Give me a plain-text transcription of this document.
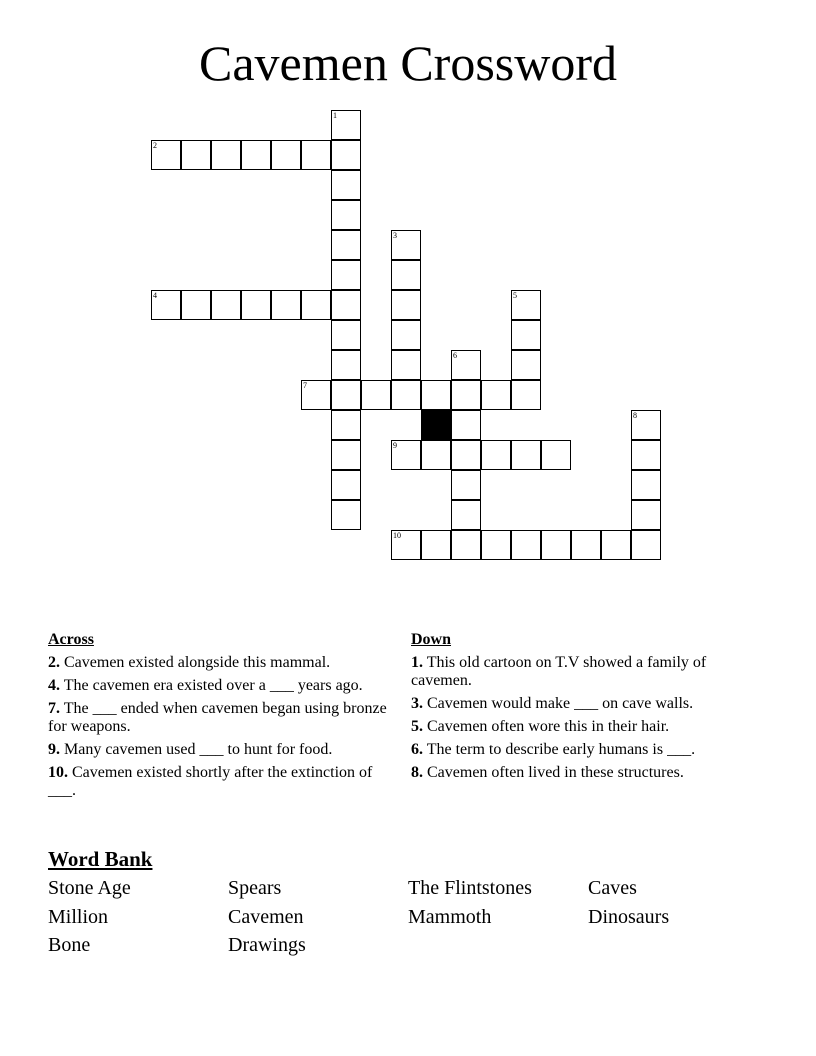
Cavemen Crossword
1
2
3
4	5
6
7
8
9
10
Across
2. Cavemen existed alongside this mammal.
4. The cavemen era existed over a ___ years ago.
7. The ___ ended when cavemen began using bronze for weapons.
9. Many cavemen used ___ to hunt for food.
10. Cavemen existed shortly after the extinction of ___.
Down
1. This old cartoon on T.V showed a family of cavemen.
3. Cavemen would make ___ on cave walls.
5. Cavemen often wore this in their hair.
6. The term to describe early humans is ___.
8. Cavemen often lived in these structures.
Word Bank
Stone Age	Spears	The Flintstones	Caves
Million	Cavemen	Mammoth	Dinosaurs
Bone	Drawings
